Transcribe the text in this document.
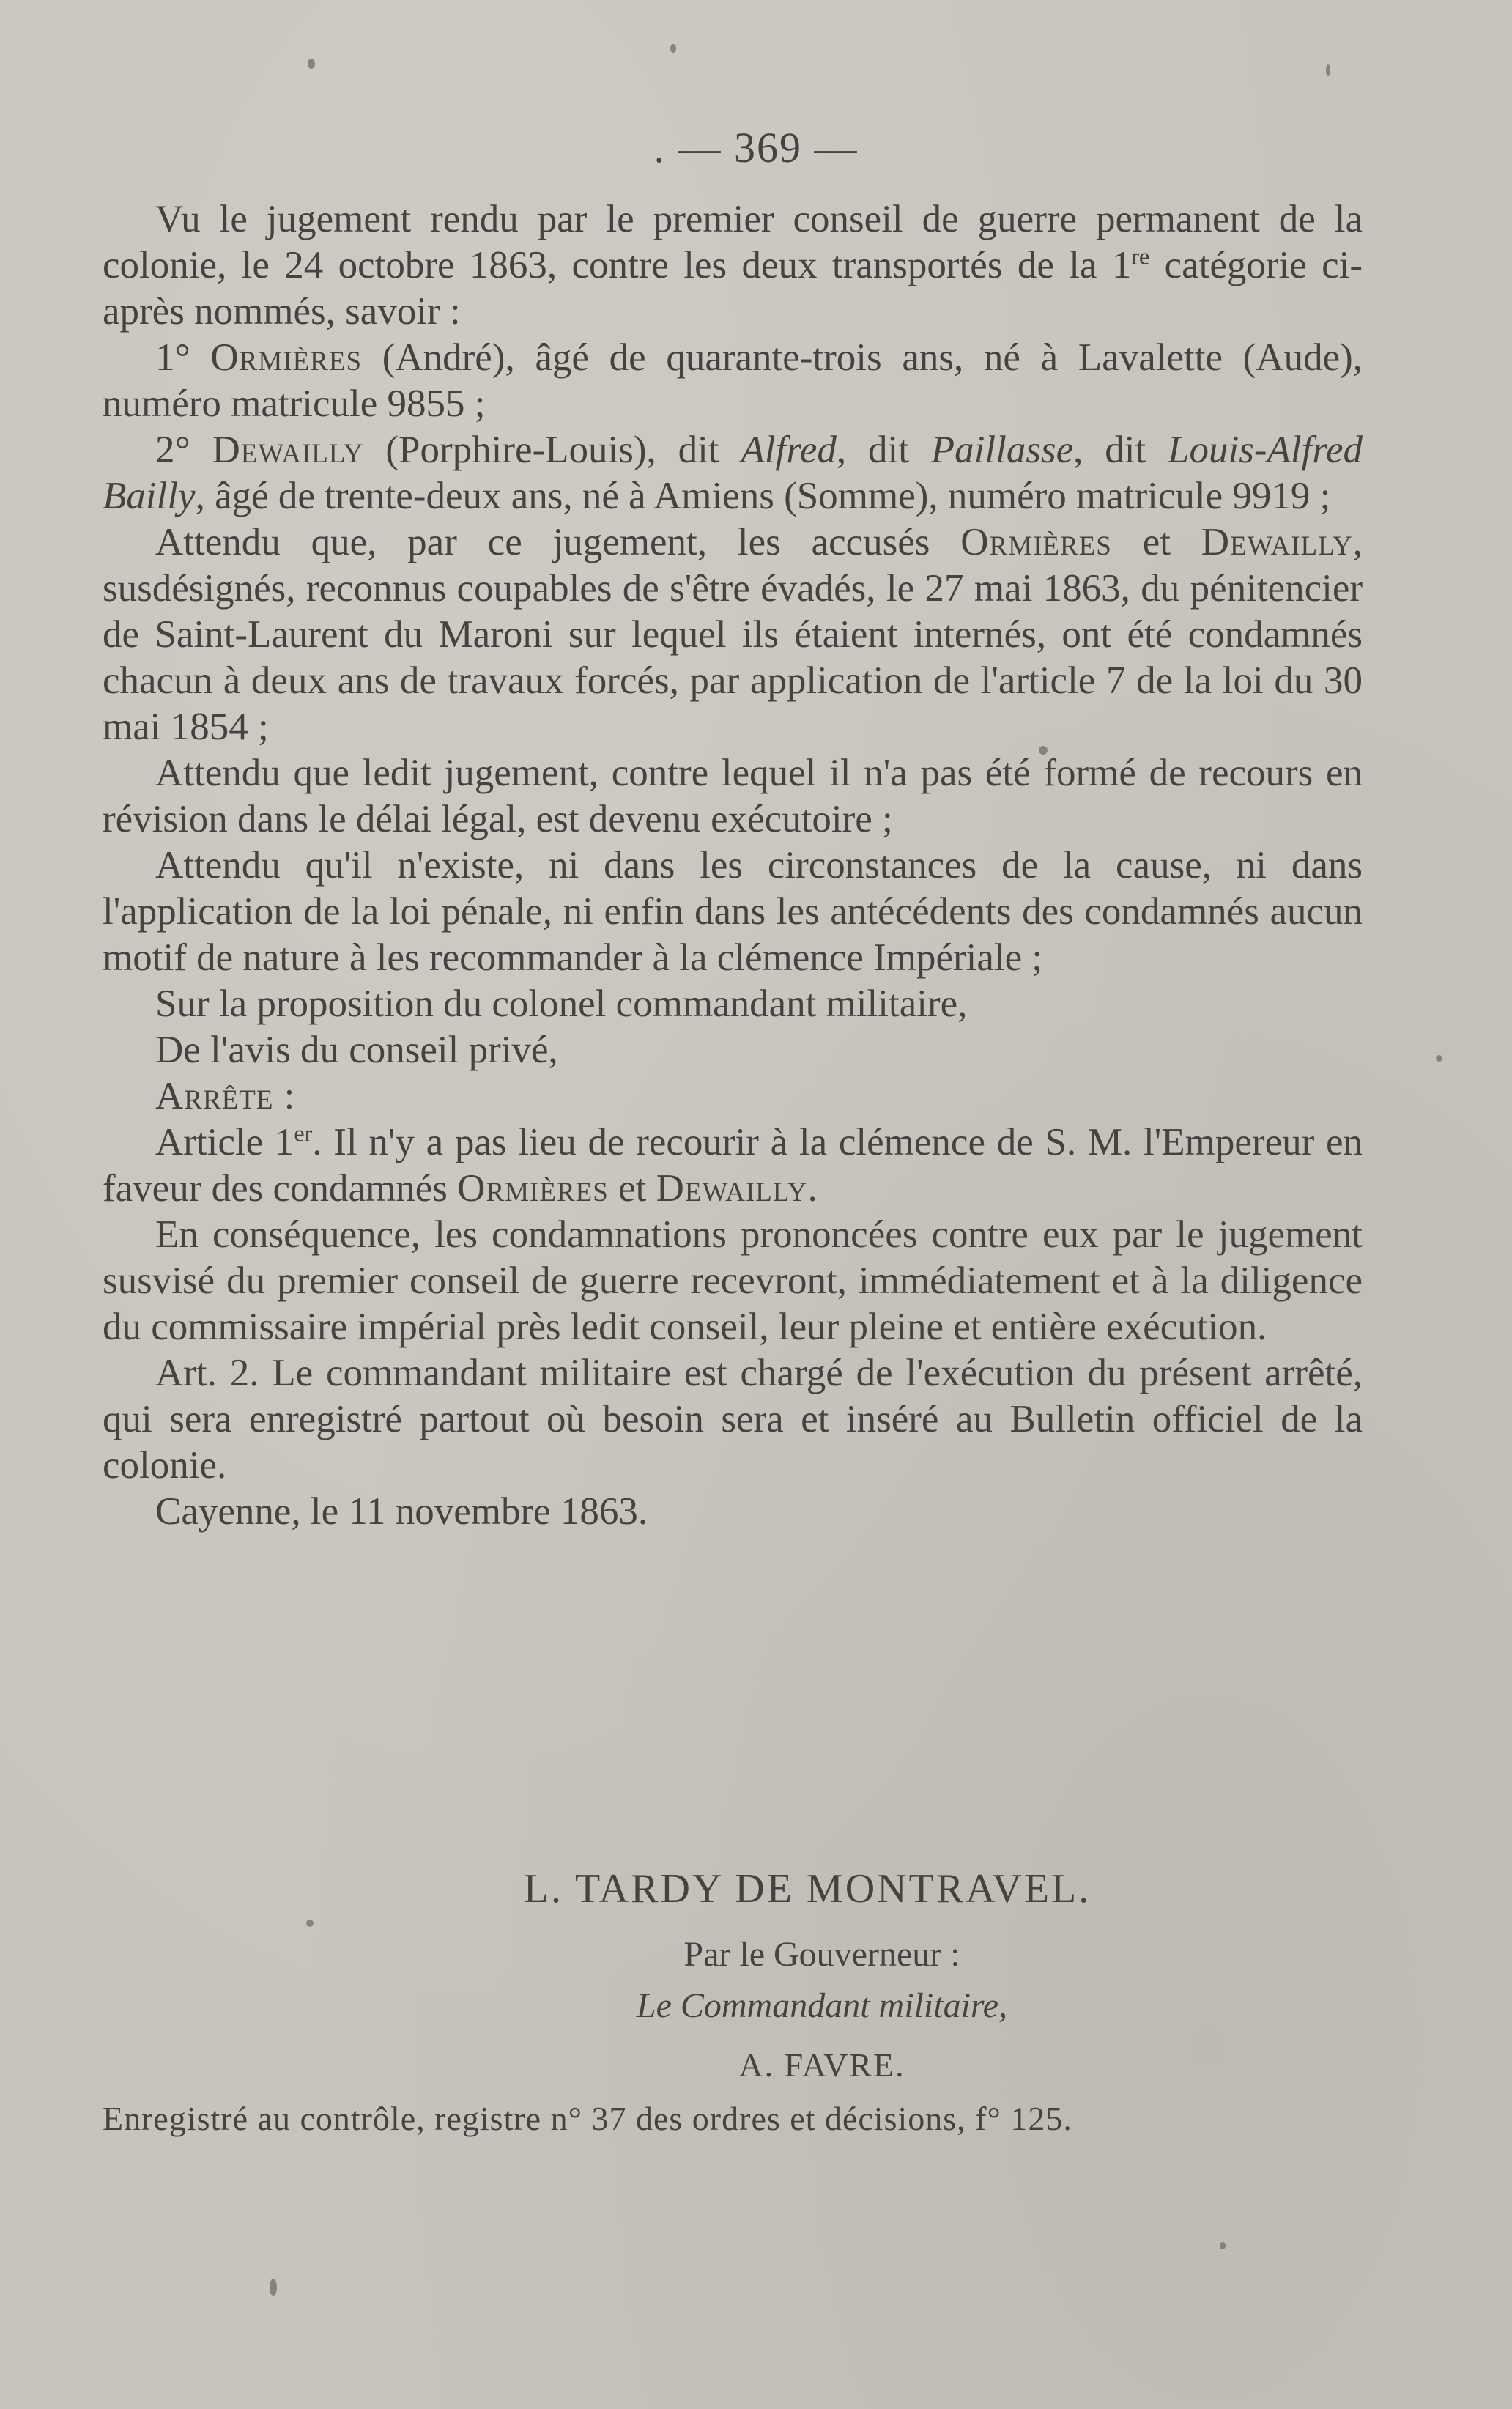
. — 369 —

Vu le jugement rendu par le premier conseil de guerre permanent de la colonie, le 24 octobre 1863, contre les deux transportés de la 1re catégorie ci-après nommés, savoir :

1° Ormières (André), âgé de quarante-trois ans, né à Lavalette (Aude), numéro matricule 9855 ;

2° Dewailly (Porphire-Louis), dit Alfred, dit Paillasse, dit Louis-Alfred Bailly, âgé de trente-deux ans, né à Amiens (Somme), numéro matricule 9919 ;

Attendu que, par ce jugement, les accusés Ormières et Dewailly, susdésignés, reconnus coupables de s'être évadés, le 27 mai 1863, du pénitencier de Saint-Laurent du Maroni sur lequel ils étaient internés, ont été condamnés chacun à deux ans de travaux forcés, par application de l'article 7 de la loi du 30 mai 1854 ;

Attendu que ledit jugement, contre lequel il n'a pas été formé de recours en révision dans le délai légal, est devenu exécutoire ;

Attendu qu'il n'existe, ni dans les circonstances de la cause, ni dans l'application de la loi pénale, ni enfin dans les antécédents des condamnés aucun motif de nature à les recommander à la clémence Impériale ;

Sur la proposition du colonel commandant militaire,

De l'avis du conseil privé,

Arrête :

Article 1er. Il n'y a pas lieu de recourir à la clémence de S. M. l'Empereur en faveur des condamnés Ormières et Dewailly.

En conséquence, les condamnations prononcées contre eux par le jugement susvisé du premier conseil de guerre recevront, immédiatement et à la diligence du commissaire impérial près ledit conseil, leur pleine et entière exécution.

Art. 2. Le commandant militaire est chargé de l'exécution du présent arrêté, qui sera enregistré partout où besoin sera et inséré au Bulletin officiel de la colonie.

Cayenne, le 11 novembre 1863.

L. TARDY DE MONTRAVEL.
Par le Gouverneur :
Le Commandant militaire,
A. FAVRE.
Enregistré au contrôle, registre n° 37 des ordres et décisions, f° 125.
